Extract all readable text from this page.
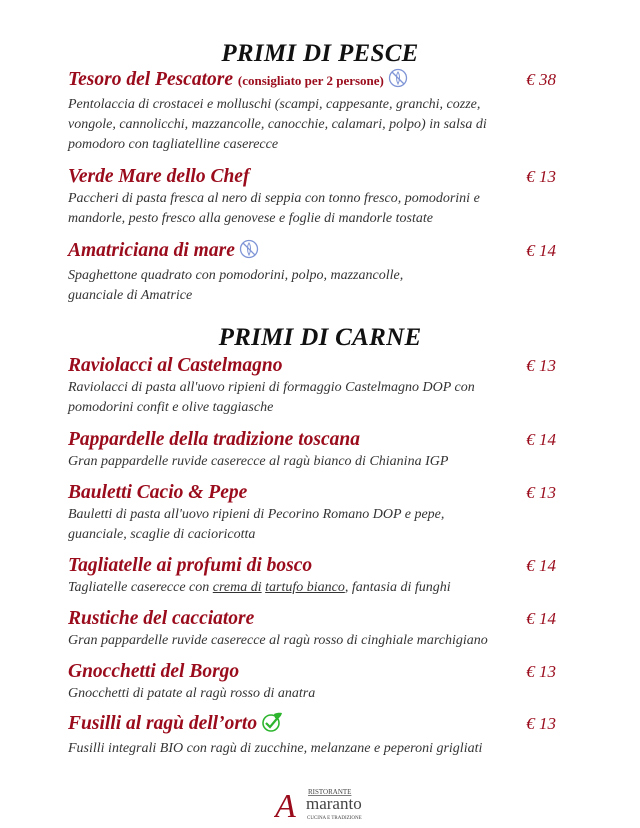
PRIMI DI PESCE
PRIMI DI CARNE
Tesoro del Pescatore (consigliato per 2 persone)	€ 38
Pentolaccia di crostacei e molluschi (scampi, cappesante, granchi, cozze,
vongole, cannolicchi, mazzancolle, canocchie, calamari, polpo) in salsa di
pomodoro con tagliatelline caserecce
Verde Mare dello Chef	€ 13
Paccheri di pasta fresca al nero di seppia con tonno fresco, pomodorini e
mandorle, pesto fresco alla genovese e foglie di mandorle tostate
Amatriciana di mare	€ 14
Spaghettone quadrato con pomodorini, polpo, mazzancolle,
guanciale di Amatrice
Raviolacci al Castelmagno	€ 13
Raviolacci di pasta all'uovo ripieni di formaggio Castelmagno DOP con
pomodorini confit e olive taggiasche
Pappardelle della tradizione toscana	€ 14
Gran pappardelle ruvide caserecce al ragù bianco di Chianina IGP
Bauletti Cacio & Pepe	€ 13
Bauletti di pasta all'uovo ripieni di Pecorino Romano DOP e pepe,
guanciale, scaglie di cacioricotta
Tagliatelle ai profumi di bosco	€ 14
Tagliatelle caserecce con crema di tartufo bianco, fantasia di funghi
Rustiche del cacciatore	€ 14
Gran pappardelle ruvide caserecce al ragù rosso di cinghiale marchigiano
Gnocchetti del Borgo	€ 13
Gnocchetti di patate al ragù rosso di anatra
Fusilli al ragù dell’orto	€ 13
Fusilli integrali BIO con ragù di zucchine, melanzane e peperoni grigliati
A RISTORANTE
maranto
CUCINA E TRADIZIONE
